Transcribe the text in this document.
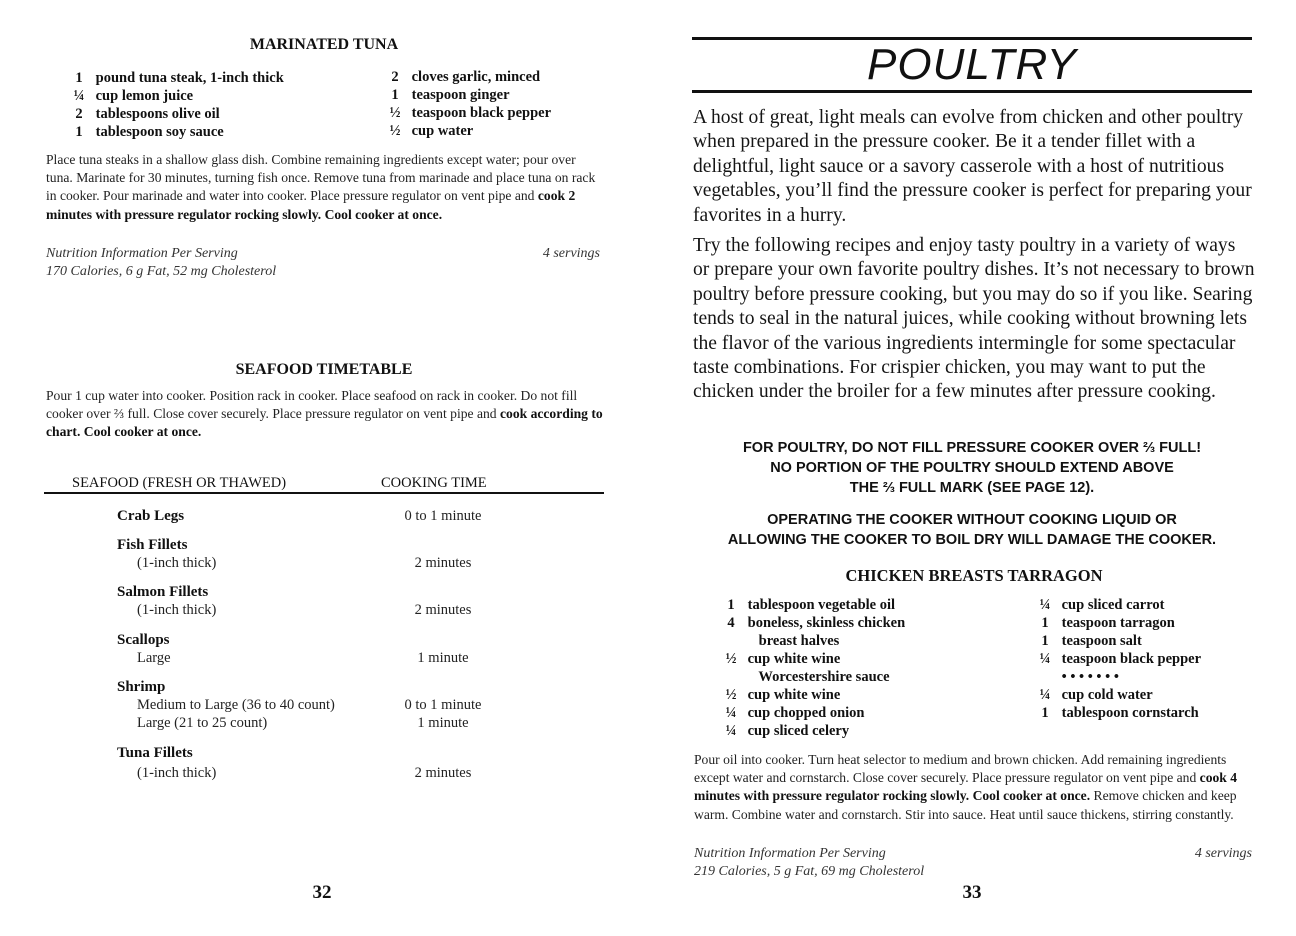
MARINATED TUNA
1 pound tuna steak, 1-inch thick
¼ cup lemon juice
2 tablespoons olive oil
1 tablespoon soy sauce
2 cloves garlic, minced
1 teaspoon ginger
½ teaspoon black pepper
½ cup water
Place tuna steaks in a shallow glass dish. Combine remaining ingredients except water; pour over tuna. Marinate for 30 minutes, turning fish once. Remove tuna from marinade and place tuna on rack in cooker. Pour marinade and water into cooker. Place pressure regulator on vent pipe and cook 2 minutes with pressure regulator rocking slowly. Cool cooker at once.
Nutrition Information Per Serving	4 servings
170 Calories, 6 g Fat, 52 mg Cholesterol
SEAFOOD TIMETABLE
Pour 1 cup water into cooker. Position rack in cooker. Place seafood on rack in cooker. Do not fill cooker over ⅔ full. Close cover securely. Place pressure regulator on vent pipe and cook according to chart. Cool cooker at once.
SEAFOOD (FRESH OR THAWED)	COOKING TIME
Crab Legs	0 to 1 minute
Fish Fillets
(1-inch thick)	2 minutes
Salmon Fillets
(1-inch thick)	2 minutes
Scallops
Large	1 minute
Shrimp
Medium to Large (36 to 40 count)	0 to 1 minute
Large (21 to 25 count)	1 minute
Tuna Fillets
(1-inch thick)	2 minutes
32
POULTRY
A host of great, light meals can evolve from chicken and other poultry when prepared in the pressure cooker. Be it a tender fillet with a delightful, light sauce or a savory casserole with a host of nutritious vegetables, you’ll find the pressure cooker is perfect for preparing your favorites in a hurry.
Try the following recipes and enjoy tasty poultry in a variety of ways or prepare your own favorite poultry dishes. It’s not necessary to brown poultry before pressure cooking, but you may do so if you like. Searing tends to seal in the natural juices, while cooking without browning lets the flavor of the various ingredients intermingle for some spectacular taste combinations. For crispier chicken, you may want to put the chicken under the broiler for a few minutes after pressure cooking.
FOR POULTRY, DO NOT FILL PRESSURE COOKER OVER ⅔ FULL!
NO PORTION OF THE POULTRY SHOULD EXTEND ABOVE
THE ⅔ FULL MARK (SEE PAGE 12).
OPERATING THE COOKER WITHOUT COOKING LIQUID OR
ALLOWING THE COOKER TO BOIL DRY WILL DAMAGE THE COOKER.
CHICKEN BREASTS TARRAGON
1 tablespoon vegetable oil
4 boneless, skinless chicken
breast halves
½ cup white wine
Worcestershire sauce
½ cup white wine
¼ cup chopped onion
¼ cup sliced celery
¼ cup sliced carrot
1 teaspoon tarragon
1 teaspoon salt
¼ teaspoon black pepper
• • • • • • •
¼ cup cold water
1 tablespoon cornstarch
Pour oil into cooker. Turn heat selector to medium and brown chicken. Add remaining ingredients except water and cornstarch. Close cover securely. Place pressure regulator on vent pipe and cook 4 minutes with pressure regulator rocking slowly. Cool cooker at once. Remove chicken and keep warm. Combine water and cornstarch. Stir into sauce. Heat until sauce thickens, stirring constantly.
Nutrition Information Per Serving	4 servings
219 Calories, 5 g Fat, 69 mg Cholesterol
33
